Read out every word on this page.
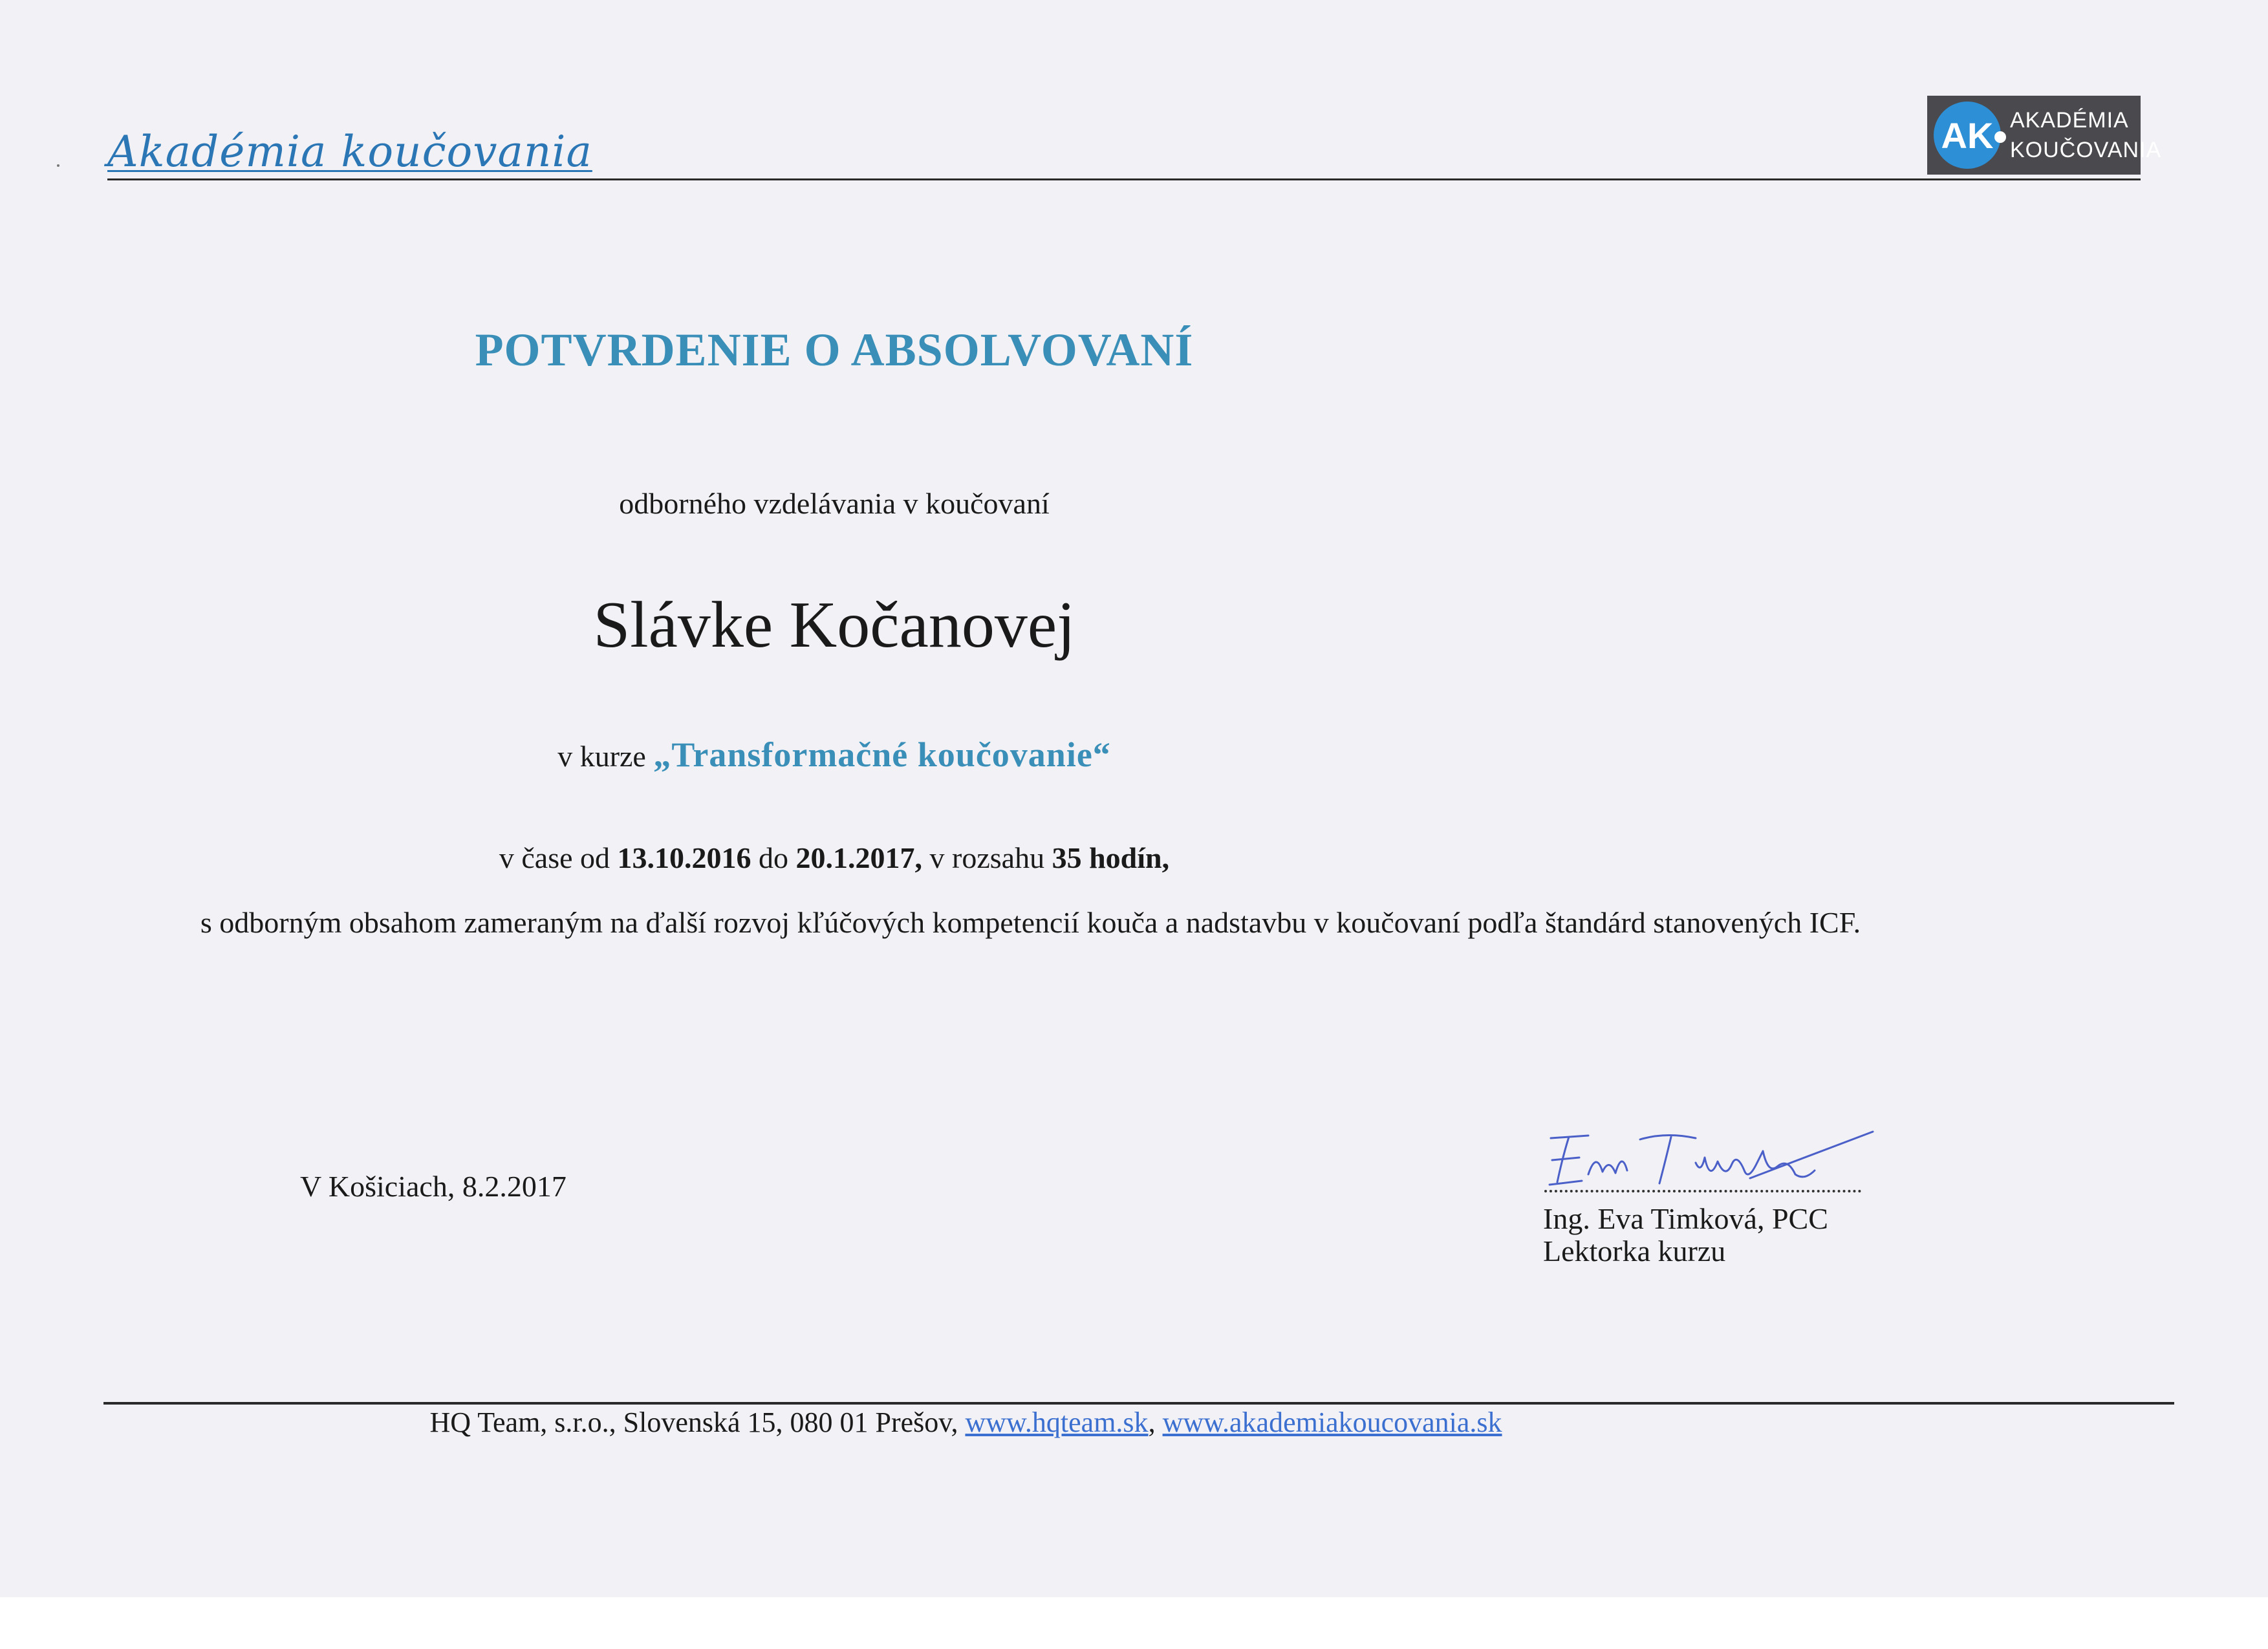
Akadémia koučovania	AK AKADÉMIA
KOUČOVANIA
POTVRDENIE O ABSOLVOVANÍ
odborného vzdelávania v koučovaní
Slávke Kočanovej
v kurze „Transformačné koučovanie“
v čase od 13.10.2016 do 20.1.2017, v rozsahu 35 hodín,
s odborným obsahom zameraným na ďalší rozvoj kľúčových kompetencií kouča a nadstavbu v koučovaní podľa štandárd stanovených ICF.
V Košiciach, 8.2.2017
Ing. Eva Timková, PCC
Lektorka kurzu
HQ Team, s.r.o., Slovenská 15, 080 01 Prešov, www.hqteam.sk, www.akademiakoucovania.sk
